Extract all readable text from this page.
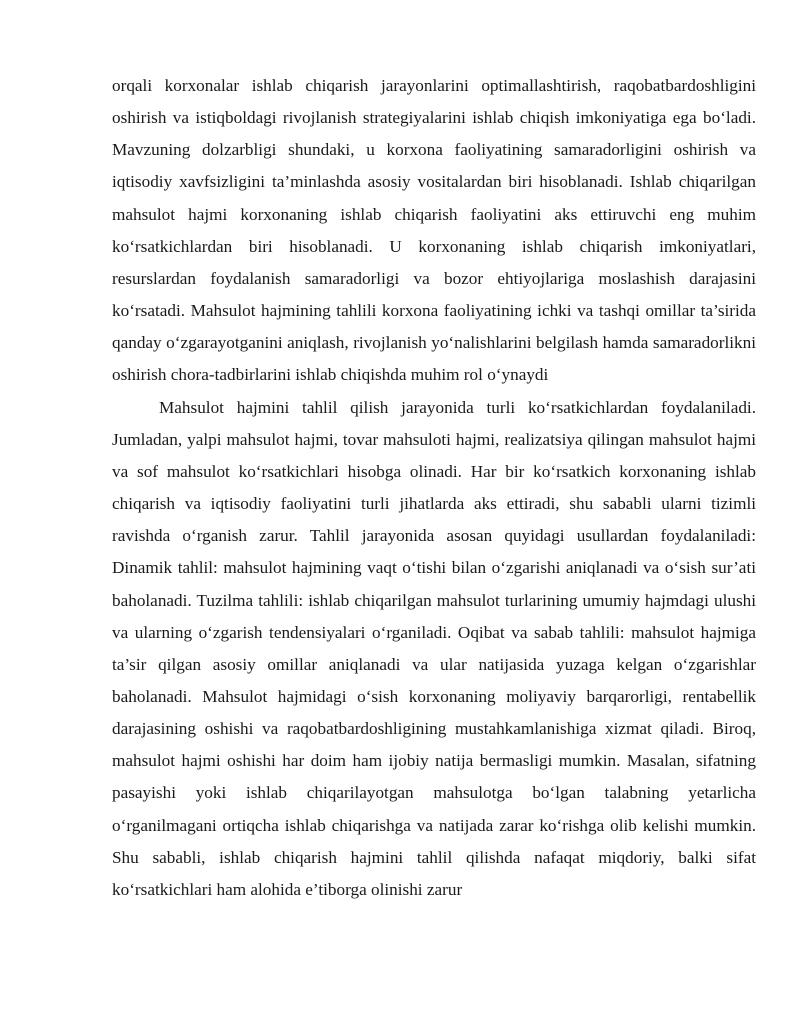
orqali korxonalar ishlab chiqarish jarayonlarini optimallashtirish, raqobatbardoshligini oshirish va istiqboldagi rivojlanish strategiyalarini ishlab chiqish imkoniyatiga ega bo‘ladi. Mavzuning dolzarbligi shundaki, u korxona faoliyatining samaradorligini oshirish va iqtisodiy xavfsizligini ta’minlashda asosiy vositalardan biri hisoblanadi. Ishlab chiqarilgan mahsulot hajmi korxonaning ishlab chiqarish faoliyatini aks ettiruvchi eng muhim ko‘rsatkichlardan biri hisoblanadi. U korxonaning ishlab chiqarish imkoniyatlari, resurslardan foydalanish samaradorligi va bozor ehtiyojlariga moslashish darajasini ko‘rsatadi. Mahsulot hajmining tahlili korxona faoliyatining ichki va tashqi omillar ta’sirida qanday o‘zgarayotganini aniqlash, rivojlanish yo‘nalishlarini belgilash hamda samaradorlikni oshirish chora-tadbirlarini ishlab chiqishda muhim rol o‘ynaydi

Mahsulot hajmini tahlil qilish jarayonida turli ko‘rsatkichlardan foydalaniladi. Jumladan, yalpi mahsulot hajmi, tovar mahsuloti hajmi, realizatsiya qilingan mahsulot hajmi va sof mahsulot ko‘rsatkichlari hisobga olinadi. Har bir ko‘rsatkich korxonaning ishlab chiqarish va iqtisodiy faoliyatini turli jihatlarda aks ettiradi, shu sababli ularni tizimli ravishda o‘rganish zarur. Tahlil jarayonida asosan quyidagi usullardan foydalaniladi: Dinamik tahlil: mahsulot hajmining vaqt o‘tishi bilan o‘zgarishi aniqlanadi va o‘sish sur’ati baholanadi. Tuzilma tahlili: ishlab chiqarilgan mahsulot turlarining umumiy hajmdagi ulushi va ularning o‘zgarish tendensiyalari o‘rganiladi. Oqibat va sabab tahlili: mahsulot hajmiga ta’sir qilgan asosiy omillar aniqlanadi va ular natijasida yuzaga kelgan o‘zgarishlar baholanadi. Mahsulot hajmidagi o‘sish korxonaning moliyaviy barqarorligi, rentabellik darajasining oshishi va raqobatbardoshligining mustahkamlanishiga xizmat qiladi. Biroq, mahsulot hajmi oshishi har doim ham ijobiy natija bermasligi mumkin. Masalan, sifatning pasayishi yoki ishlab chiqarilayotgan mahsulotga bo‘lgan talabning yetarlicha o‘rganilmagani ortiqcha ishlab chiqarishga va natijada zarar ko‘rishga olib kelishi mumkin. Shu sababli, ishlab chiqarish hajmini tahlil qilishda nafaqat miqdoriy, balki sifat ko‘rsatkichlari ham alohida e’tiborga olinishi zarur
